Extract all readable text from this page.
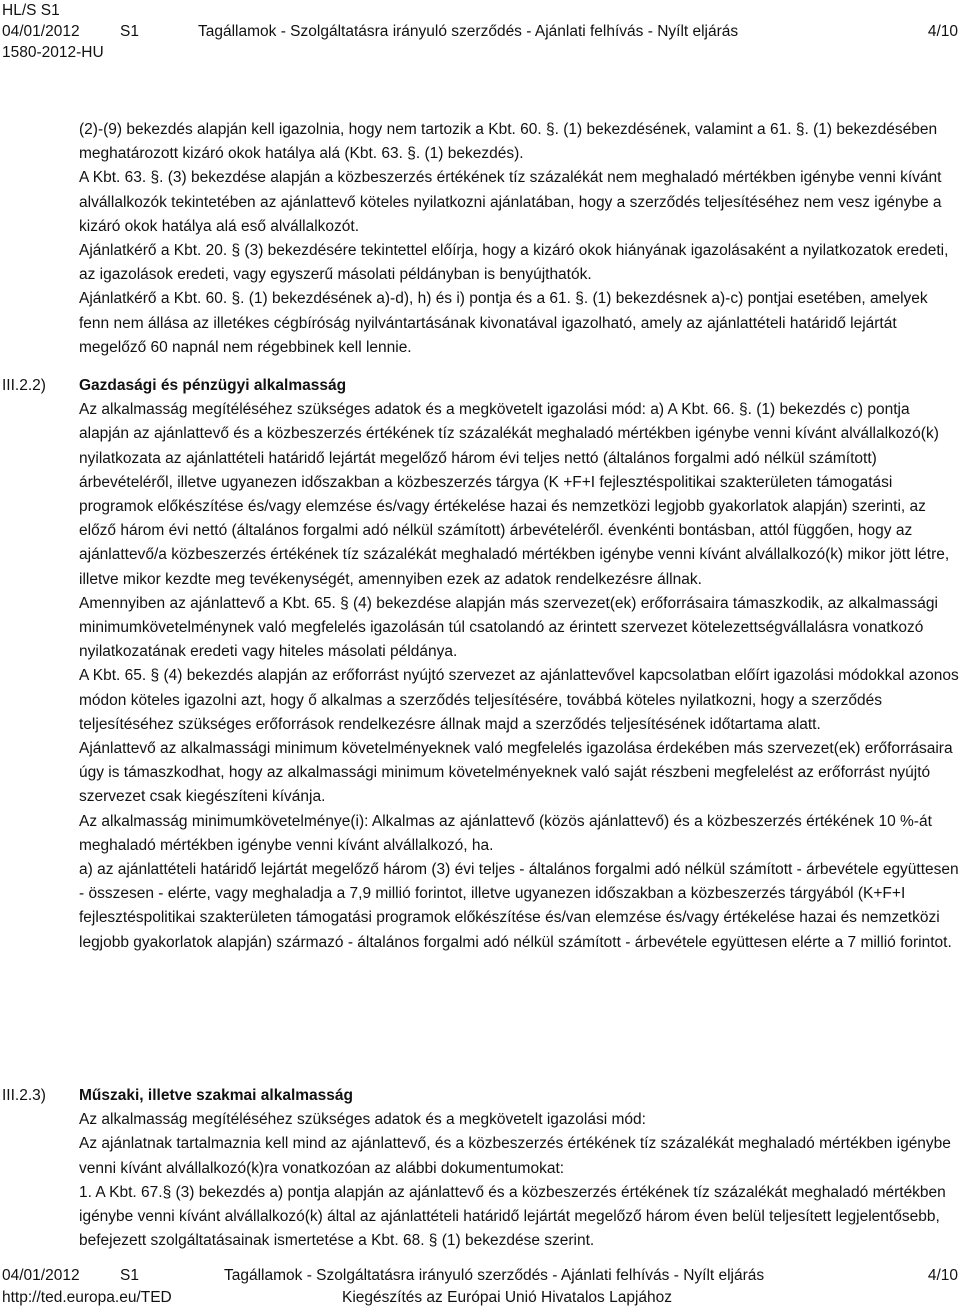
HL/S S1
04/01/2012	S1	Tagállamok - Szolgáltatásra irányuló szerződés - Ajánlati felhívás - Nyílt eljárás	4/10
1580-2012-HU

(2)-(9) bekezdés alapján kell igazolnia, hogy nem tartozik a Kbt. 60. §. (1) bekezdésének, valamint a 61. §. (1) bekezdésében meghatározott kizáró okok hatálya alá (Kbt. 63. §. (1) bekezdés).

A Kbt. 63. §. (3) bekezdése alapján a közbeszerzés értékének tíz százalékát nem meghaladó mértékben igénybe venni kívánt alvállalkozók tekintetében az ajánlattevő köteles nyilatkozni ajánlatában, hogy a szerződés teljesítéséhez nem vesz igénybe a kizáró okok hatálya alá eső alvállalkozót.

Ajánlatkérő a Kbt. 20. § (3) bekezdésére tekintettel előírja, hogy a kizáró okok hiányának igazolásaként a nyilatkozatok eredeti, az igazolások eredeti, vagy egyszerű másolati példányban is benyújthatók.

Ajánlatkérő a Kbt. 60. §. (1) bekezdésének a)-d), h) és i) pontja és a 61. §. (1) bekezdésnek a)-c) pontjai esetében, amelyek fenn nem állása az illetékes cégbíróság nyilvántartásának kivonatával igazolható, amely az ajánlattételi határidő lejártát megelőző 60 napnál nem régebbinek kell lennie.

III.2.2) Gazdasági és pénzügyi alkalmasság

Az alkalmasság megítéléséhez szükséges adatok és a megkövetelt igazolási mód: a) A Kbt. 66. §. (1) bekezdés c) pontja alapján az ajánlattevő és a közbeszerzés értékének tíz százalékát meghaladó mértékben igénybe venni kívánt alvállalkozó(k) nyilatkozata az ajánlattételi határidő lejártát megelőző három évi teljes nettó (általános forgalmi adó nélkül számított) árbevételéről, illetve ugyanezen időszakban a közbeszerzés tárgya (K +F+I fejlesztéspolitikai szakterületen támogatási programok előkészítése és/vagy elemzése és/vagy értékelése hazai és nemzetközi legjobb gyakorlatok alapján) szerinti, az előző három évi nettó (általános forgalmi adó nélkül számított) árbevételéről. évenkénti bontásban, attól függően, hogy az ajánlattevő/a közbeszerzés értékének tíz százalékát meghaladó mértékben igénybe venni kívánt alvállalkozó(k) mikor jött létre, illetve mikor kezdte meg tevékenységét, amennyiben ezek az adatok rendelkezésre állnak.

Amennyiben az ajánlattevő a Kbt. 65. § (4) bekezdése alapján más szervezet(ek) erőforrásaira támaszkodik, az alkalmassági minimumkövetelménynek való megfelelés igazolásán túl csatolandó az érintett szervezet kötelezettségvállalásra vonatkozó nyilatkozatának eredeti vagy hiteles másolati példánya.

A Kbt. 65. § (4) bekezdés alapján az erőforrást nyújtó szervezet az ajánlattevővel kapcsolatban előírt igazolási módokkal azonos módon köteles igazolni azt, hogy ő alkalmas a szerződés teljesítésére, továbbá köteles nyilatkozni, hogy a szerződés teljesítéséhez szükséges erőforrások rendelkezésre állnak majd a szerződés teljesítésének időtartama alatt.

Ajánlattevő az alkalmassági minimum követelményeknek való megfelelés igazolása érdekében más szervezet(ek) erőforrásaira úgy is támaszkodhat, hogy az alkalmassági minimum követelményeknek való saját részbeni megfelelést az erőforrást nyújtó szervezet csak kiegészíteni kívánja.

Az alkalmasság minimumkövetelménye(i): Alkalmas az ajánlattevő (közös ajánlattevő) és a közbeszerzés értékének 10 %-át meghaladó mértékben igénybe venni kívánt alvállalkozó, ha.

a) az ajánlattételi határidő lejártát megelőző három (3) évi teljes - általános forgalmi adó nélkül számított - árbevétele együttesen - összesen - elérte, vagy meghaladja a 7,9 millió forintot, illetve ugyanezen időszakban a közbeszerzés tárgyából (K+F+I fejlesztéspolitikai szakterületen támogatási programok előkészítése és/van elemzése és/vagy értékelése hazai és nemzetközi legjobb gyakorlatok alapján) származó - általános forgalmi adó nélkül számított - árbevétele együttesen elérte a 7 millió forintot.

III.2.3) Műszaki, illetve szakmai alkalmasság

Az alkalmasság megítéléséhez szükséges adatok és a megkövetelt igazolási mód:

Az ajánlatnak tartalmaznia kell mind az ajánlattevő, és a közbeszerzés értékének tíz százalékát meghaladó mértékben igénybe venni kívánt alvállalkozó(k)ra vonatkozóan az alábbi dokumentumokat:

1. A Kbt. 67.§ (3) bekezdés a) pontja alapján az ajánlattevő és a közbeszerzés értékének tíz százalékát meghaladó mértékben igénybe venni kívánt alvállalkozó(k) által az ajánlattételi határidő lejártát megelőző három éven belül teljesített legjelentősebb, befejezett szolgáltatásainak ismertetése a Kbt. 68. § (1) bekezdése szerint.

04/01/2012	S1	Tagállamok - Szolgáltatásra irányuló szerződés - Ajánlati felhívás - Nyílt eljárás	4/10
http://ted.europa.eu/TED	Kiegészítés az Európai Unió Hivatalos Lapjához
